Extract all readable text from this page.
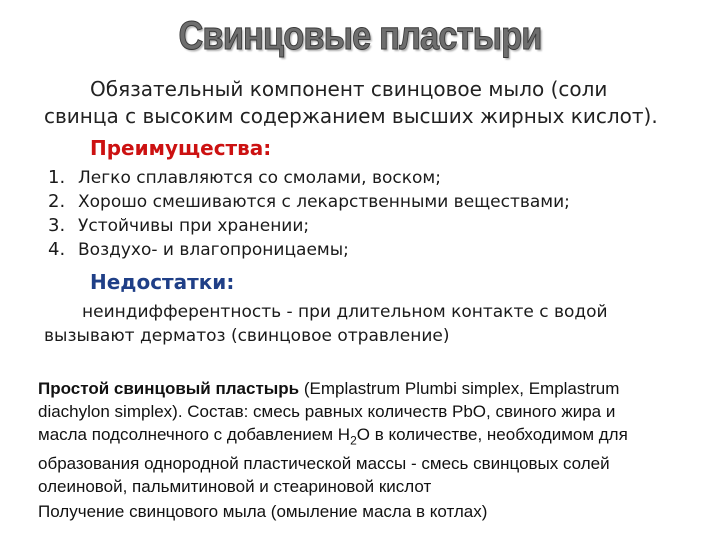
Свинцовые пластыри
Обязательный компонент свинцовое мыло (соли
свинца с высоким содержанием высших жирных кислот).
Преимущества:
1. Легко сплавляются со смолами, воском;
2. Хорошо смешиваются с лекарственными веществами;
3. Устойчивы при хранении;
4. Воздухо- и влагопроницаемы;
Недостатки:
неиндифферентность - при длительном контакте с водой
вызывают дерматоз (свинцовое отравление)
Простой свинцовый пластырь (Emplastrum Plumbi simplex, Emplastrum
diachylon simplex). Состав: смесь равных количеств PbO, свиного жира и
масла подсолнечного с добавлением $H_2O$ в количестве, необходимом для
образования однородной пластической массы - смесь свинцовых солей
олеиновой, пальмитиновой и стеариновой кислот
Получение свинцового мыла (омыление масла в котлах)
